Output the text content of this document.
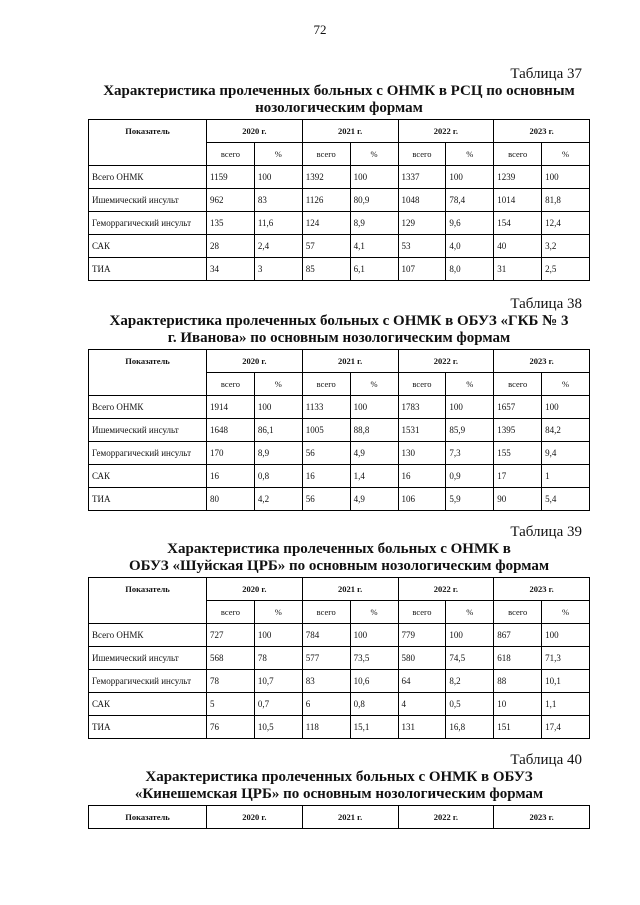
72
Таблица 37
Характеристика пролеченных больных с ОНМК в РСЦ по основным
нозологическим формам
Показатель	2020 г.		2021 г.		2022 г.		2023 г.	
	всего	%	всего	%	всего	%	всего	%
Всего ОНМК	1159	100	1392	100	1337	100	1239	100
Ишемический инсульт	962	83	1126	80,9	1048	78,4	1014	81,8
Геморрагический инсульт	135	11,6	124	8,9	129	9,6	154	12,4
САК	28	2,4	57	4,1	53	4,0	40	3,2
ТИА	34	3	85	6,1	107	8,0	31	2,5
Таблица 38
Характеристика пролеченных больных с ОНМК в ОБУЗ «ГКБ № 3
г. Иванова» по основным нозологическим формам
Показатель	2020 г.		2021 г.		2022 г.		2023 г.	
	всего	%	всего	%	всего	%	всего	%
Всего ОНМК	1914	100	1133	100	1783	100	1657	100
Ишемический инсульт	1648	86,1	1005	88,8	1531	85,9	1395	84,2
Геморрагический инсульт	170	8,9	56	4,9	130	7,3	155	9,4
САК	16	0,8	16	1,4	16	0,9	17	1
ТИА	80	4,2	56	4,9	106	5,9	90	5,4
Таблица 39
Характеристика пролеченных больных с ОНМК в
ОБУЗ «Шуйская ЦРБ» по основным нозологическим формам
Показатель	2020 г.		2021 г.		2022 г.		2023 г.	
	всего	%	всего	%	всего	%	всего	%
Всего ОНМК	727	100	784	100	779	100	867	100
Ишемический инсульт	568	78	577	73,5	580	74,5	618	71,3
Геморрагический инсульт	78	10,7	83	10,6	64	8,2	88	10,1
САК	5	0,7	6	0,8	4	0,5	10	1,1
ТИА	76	10,5	118	15,1	131	16,8	151	17,4
Таблица 40
Характеристика пролеченных больных с ОНМК в ОБУЗ
«Кинешемская ЦРБ» по основным нозологическим формам
Показатель	2020 г.	2021 г.	2022 г.	2023 г.
